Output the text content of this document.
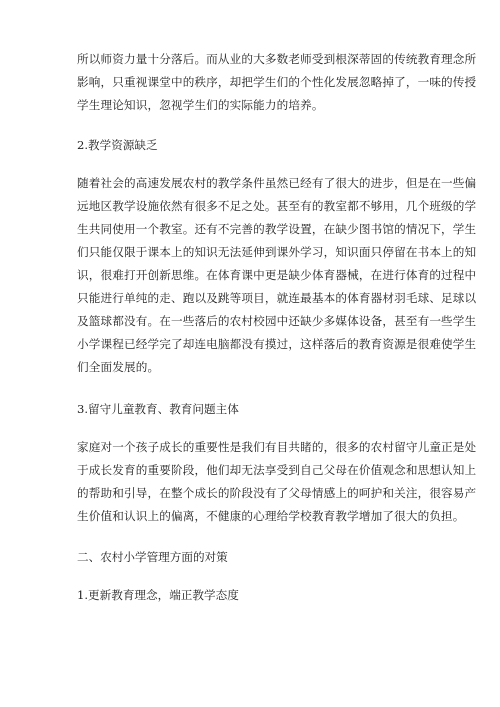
所以师资力量十分落后。而从业的大多数老师受到根深蒂固的传统教育理念所
影响，只重视课堂中的秩序，却把学生们的个性化发展忽略掉了，一味的传授
学生理论知识，忽视学生们的实际能力的培养。

2.教学资源缺乏

随着社会的高速发展农村的教学条件虽然已经有了很大的进步，但是在一些偏
远地区教学设施依然有很多不足之处。甚至有的教室都不够用，几个班级的学
生共同使用一个教室。还有不完善的教学设置，在缺少图书馆的情况下，学生
们只能仅限于课本上的知识无法延伸到课外学习，知识面只停留在书本上的知
识，很难打开创新思维。在体育课中更是缺少体育器械，在进行体育的过程中
只能进行单纯的走、跑以及跳等项目，就连最基本的体育器材羽毛球、足球以
及篮球都没有。在一些落后的农村校园中还缺少多媒体设备，甚至有一些学生
小学课程已经学完了却连电脑都没有摸过，这样落后的教育资源是很难使学生
们全面发展的。

3.留守儿童教育、教育问题主体

家庭对一个孩子成长的重要性是我们有目共睹的，很多的农村留守儿童正是处
于成长发育的重要阶段，他们却无法享受到自己父母在价值观念和思想认知上
的帮助和引导，在整个成长的阶段没有了父母情感上的呵护和关注，很容易产
生价值和认识上的偏离，不健康的心理给学校教育教学增加了很大的负担。

二、农村小学管理方面的对策

1.更新教育理念，端正教学态度
